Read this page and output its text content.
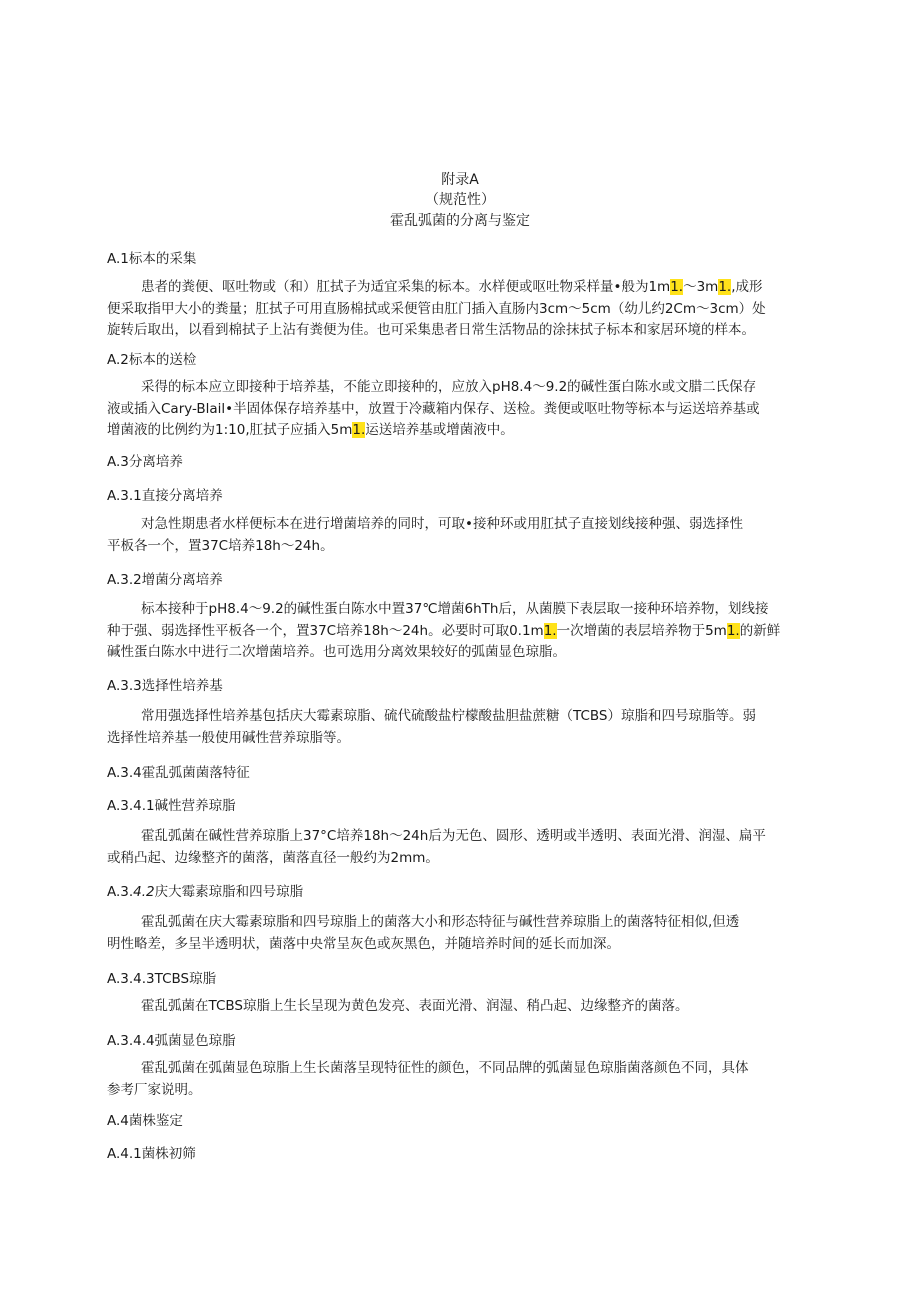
附录A
（规范性）
霍乱弧菌的分离与鉴定
A.1标本的采集
患者的粪便、呕吐物或（和）肛拭子为适宜采集的标本。水样便或呕吐物采样量•般为1m1.～3m1.,成形
便采取指甲大小的粪量；肛拭子可用直肠棉拭或采便管由肛门插入直肠内3cm～5cm（幼儿约2Cm～3cm）处
旋转后取出，以看到棉拭子上沾有粪便为佳。也可采集患者日常生活物品的涂抹拭子标本和家居环境的样本。
A.2标本的送检
采得的标本应立即接种于培养基，不能立即接种的，应放入pH8.4～9.2的碱性蛋白陈水或文腊二氏保存
液或插入Cary-Blail•半固体保存培养基中，放置于冷藏箱内保存、送检。粪便或呕吐物等标本与运送培养基或
增菌液的比例约为1:10,肛拭子应插入5m1.运送培养基或增菌液中。
A.3分离培养
A.3.1直接分离培养
对急性期患者水样便标本在进行增菌培养的同时，可取•接种环或用肛拭子直接划线接种强、弱选择性
平板各一个，置37C培养18h～24h。
A.3.2增菌分离培养
标本接种于pH8.4～9.2的碱性蛋白陈水中置37℃增菌6hTh后，从菌膜下表层取一接种环培养物，划线接
种于强、弱选择性平板各一个，置37C培养18h～24h。必要时可取0.1m1.一次增菌的表层培养物于5m1.的新鲜
碱性蛋白陈水中进行二次增菌培养。也可选用分离效果较好的弧菌显色琼脂。
A.3.3选择性培养基
常用强选择性培养基包括庆大霉素琼脂、硫代硫酸盐柠檬酸盐胆盐蔗糖（TCBS）琼脂和四号琼脂等。弱
选择性培养基一般使用碱性营养琼脂等。
A.3.4霍乱弧菌菌落特征
A.3.4.1碱性营养琼脂
霍乱弧菌在碱性营养琼脂上37°C培养18h～24h后为无色、圆形、透明或半透明、表面光滑、润湿、扁平
或稍凸起、边缘整齐的菌落，菌落直径一般约为2mm。
A.3.4.2庆大霉素琼脂和四号琼脂
霍乱弧菌在庆大霉素琼脂和四号琼脂上的菌落大小和形态特征与碱性营养琼脂上的菌落特征相似,但透
明性略差，多呈半透明状，菌落中央常呈灰色或灰黑色，并随培养时间的延长而加深。
A.3.4.3TCBS琼脂
霍乱弧菌在TCBS琼脂上生长呈现为黄色发亮、表面光滑、润湿、稍凸起、边缘整齐的菌落。
A.3.4.4弧菌显色琼脂
霍乱弧菌在弧菌显色琼脂上生长菌落呈现特征性的颜色，不同品牌的弧菌显色琼脂菌落颜色不同，具体
参考厂家说明。
A.4菌株鉴定
A.4.1菌株初筛
